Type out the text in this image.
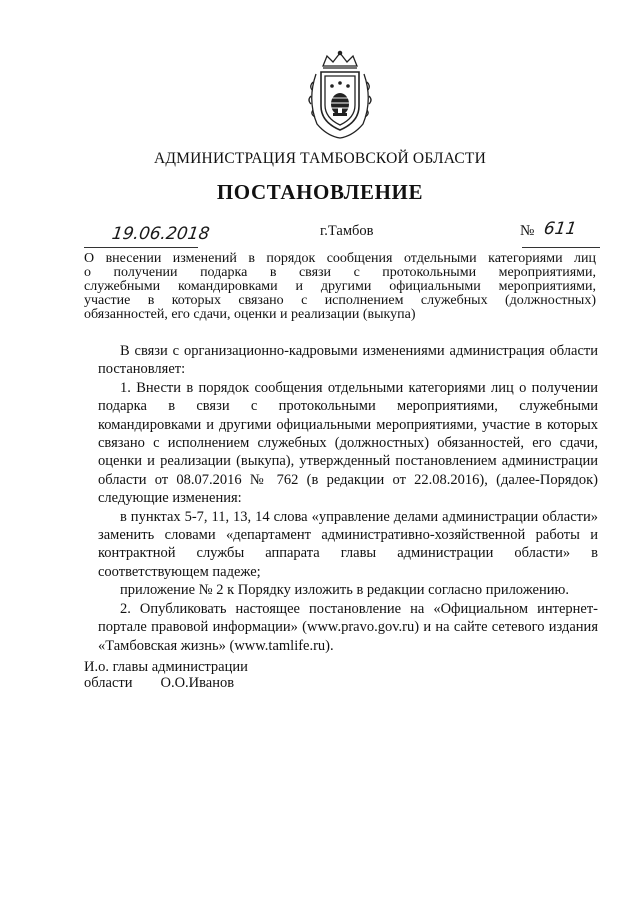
АДМИНИСТРАЦИЯ ТАМБОВСКОЙ ОБЛАСТИ
ПОСТАНОВЛЕНИЕ
19.06.2018	г.Тамбов	№ 611
О внесении изменений в порядок сообщения отдельными категориями лиц
о получении подарка в связи с протокольными мероприятиями,
служебными командировками и другими официальными мероприятиями,
участие в которых связано с исполнением служебных (должностных)
обязанностей, его сдачи, оценки и реализации (выкупа)

В связи с организационно-кадровыми изменениями администрация области постановляет:

1. Внести в порядок сообщения отдельными категориями лиц о получении подарка в связи с протокольными мероприятиями, служебными командировками и другими официальными мероприятиями, участие в которых связано с исполнением служебных (должностных) обязанностей, его сдачи, оценки и реализации (выкупа), утвержденный постановлением администрации области от 08.07.2016 № 762 (в редакции от 22.08.2016), (далее-Порядок) следующие изменения:

в пунктах 5-7, 11, 13, 14 слова «управление делами администрации области» заменить словами «департамент административно-хозяйственной работы и контрактной службы аппарата главы администрации области» в соответствующем падеже;

приложение № 2 к Порядку изложить в редакции согласно приложению.

2. Опубликовать настоящее постановление на «Официальном интернет-портале правовой информации» (www.pravo.gov.ru) и на сайте сетевого издания «Тамбовская жизнь» (www.tamlife.ru).

И.о. главы администрации
области О.О.Иванов
